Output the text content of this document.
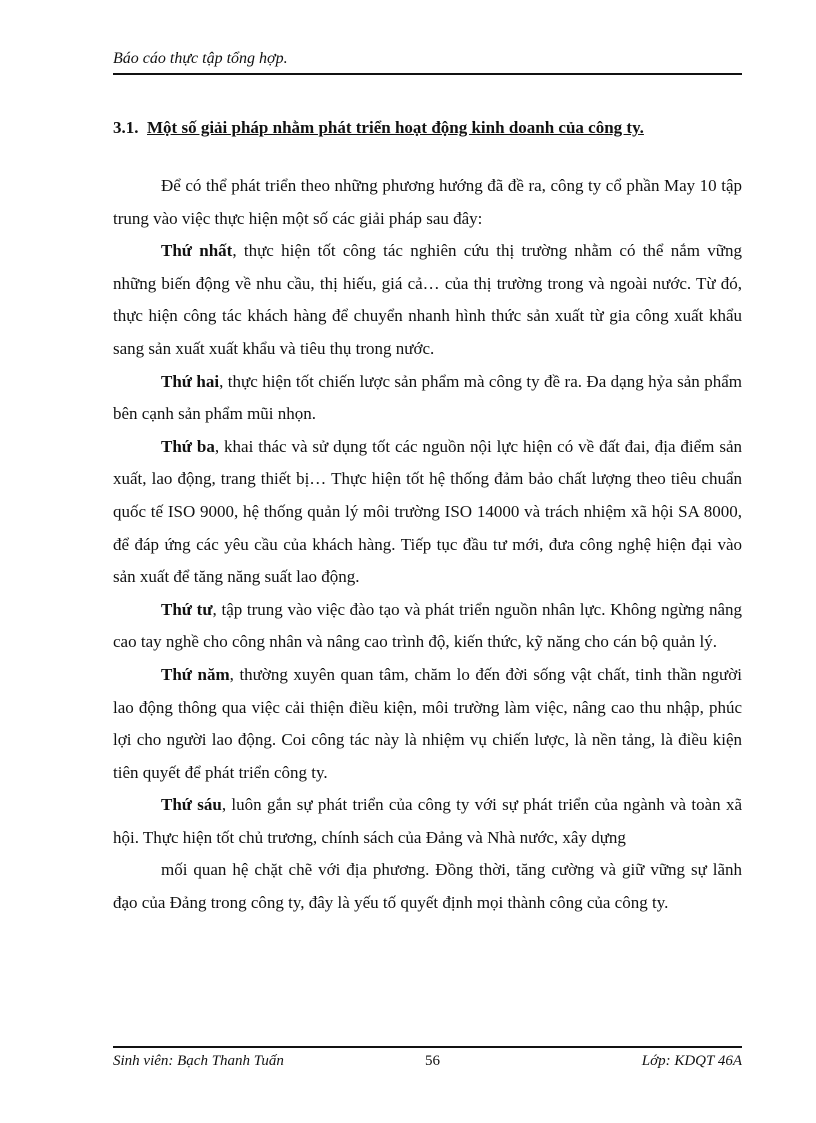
Báo cáo thực tập tổng hợp.
3.1. Một số giải pháp nhằm phát triển hoạt động kinh doanh của công ty.

Để có thể phát triển theo những phương hướng đã đề ra, công ty cổ phần May 10 tập trung vào việc thực hiện một số các giải pháp sau đây:

Thứ nhất, thực hiện tốt công tác nghiên cứu thị trường nhằm có thể nắm vững những biến động về nhu cầu, thị hiếu, giá cả… của thị trường trong và ngoài nước. Từ đó, thực hiện công tác khách hàng để chuyển nhanh hình thức sản xuất từ gia công xuất khẩu sang sản xuất xuất khẩu và tiêu thụ trong nước.

Thứ hai, thực hiện tốt chiến lược sản phẩm mà công ty đề ra. Đa dạng hỷa sản phẩm bên cạnh sản phẩm mũi nhọn.

Thứ ba, khai thác và sử dụng tốt các nguồn nội lực hiện có về đất đai, địa điểm sản xuất, lao động, trang thiết bị… Thực hiện tốt hệ thống đảm bảo chất lượng theo tiêu chuẩn quốc tế ISO 9000, hệ thống quản lý môi trường ISO 14000 và trách nhiệm xã hội SA 8000, để đáp ứng các yêu cầu của khách hàng. Tiếp tục đầu tư mới, đưa công nghệ hiện đại vào sản xuất để tăng năng suất lao động.

Thứ tư, tập trung vào việc đào tạo và phát triển nguồn nhân lực. Không ngừng nâng cao tay nghề cho công nhân và nâng cao trình độ, kiến thức, kỹ năng cho cán bộ quản lý.

Thứ năm, thường xuyên quan tâm, chăm lo đến đời sống vật chất, tinh thần người lao động thông qua việc cải thiện điều kiện, môi trường làm việc, nâng cao thu nhập, phúc lợi cho người lao động. Coi công tác này là nhiệm vụ chiến lược, là nền tảng, là điều kiện tiên quyết để phát triển công ty.

Thứ sáu, luôn gắn sự phát triển của công ty với sự phát triển của ngành và toàn xã hội. Thực hiện tốt chủ trương, chính sách của Đảng và Nhà nước, xây dựng

mối quan hệ chặt chẽ với địa phương. Đồng thời, tăng cường và giữ vững sự lãnh đạo của Đảng trong công ty, đây là yếu tố quyết định mọi thành công của công ty.

Sinh viên: Bạch Thanh Tuấn	56	Lớp: KDQT 46A
